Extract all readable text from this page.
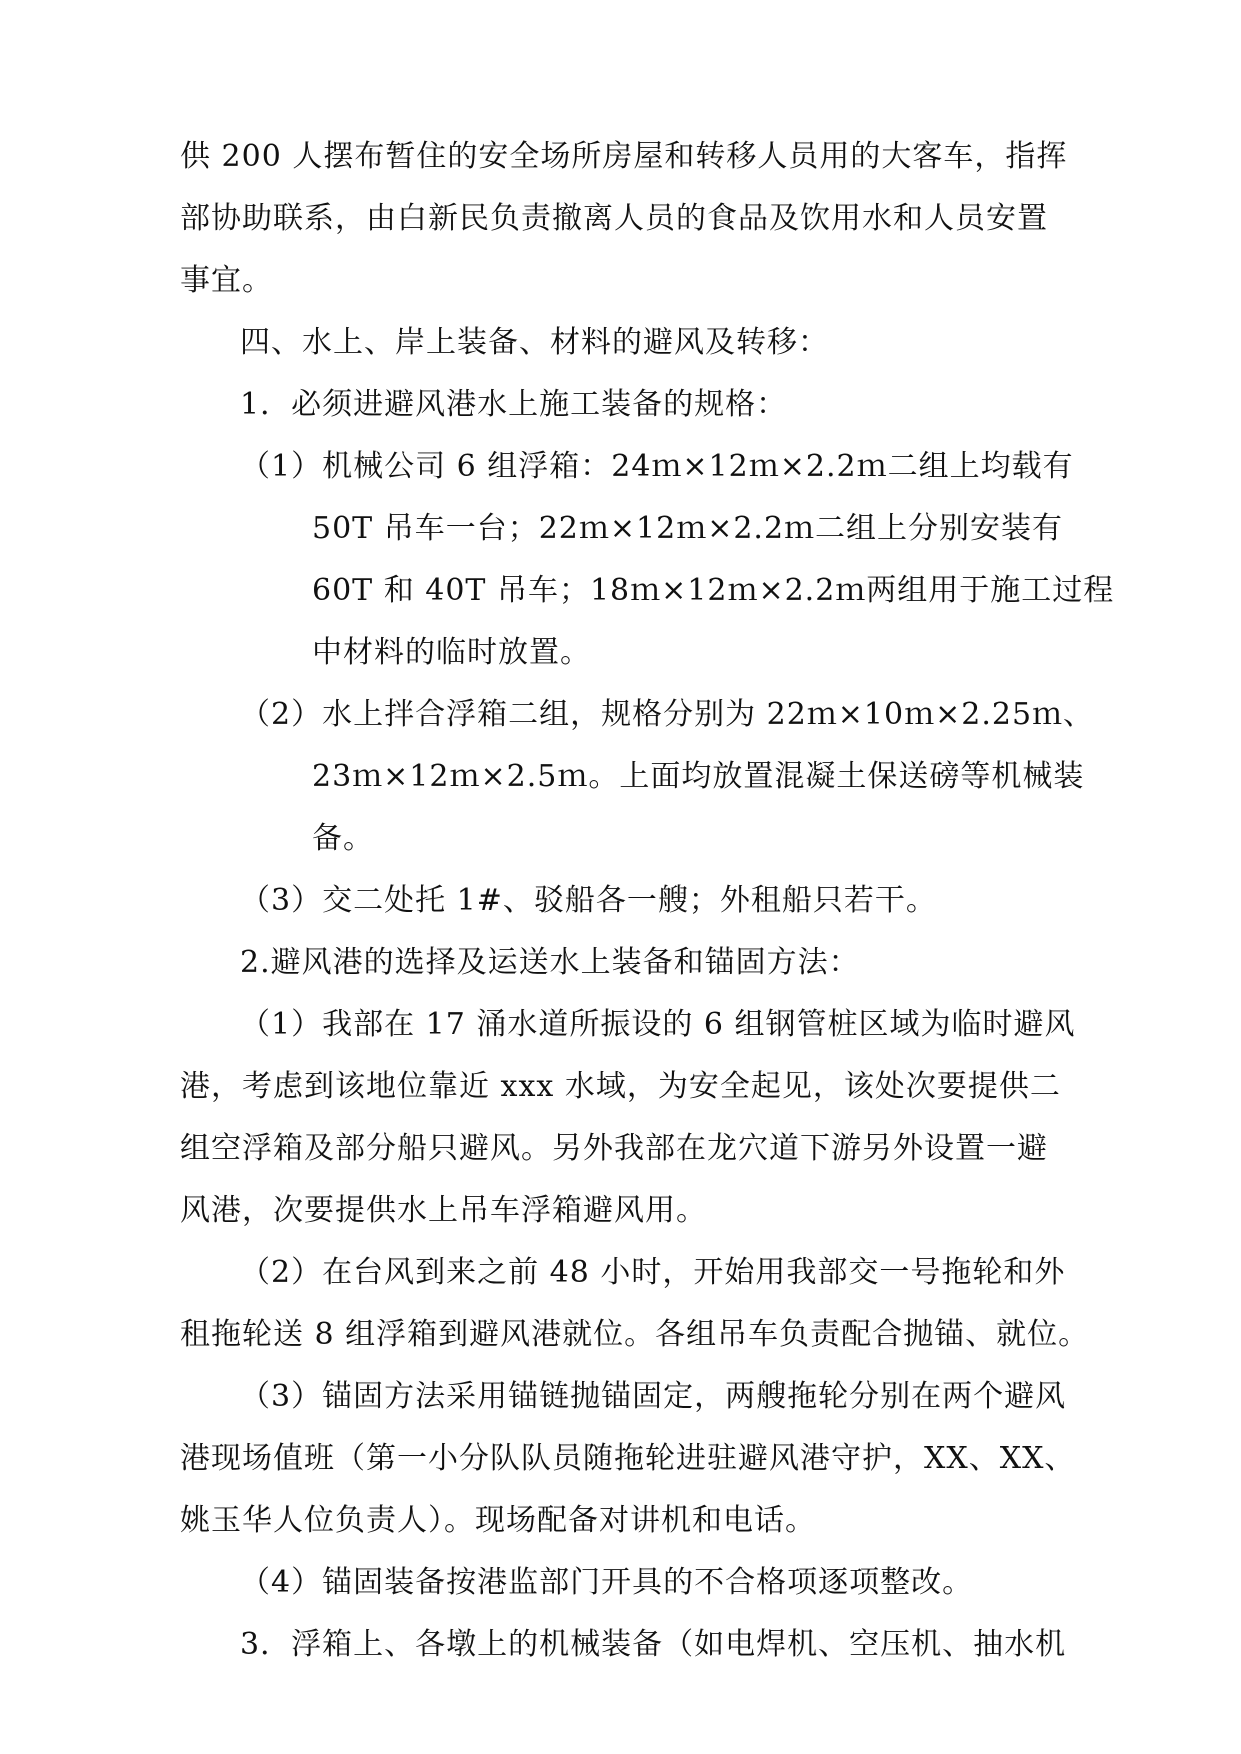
供 200 人摆布暂住的安全场所房屋和转移人员用的大客车，指挥
部协助联系，由白新民负责撤离人员的食品及饮用水和人员安置
事宜。
四、水上、岸上装备、材料的避风及转移：
1．必须进避风港水上施工装备的规格：
（1）机械公司 6 组浮箱：24ｍ×12ｍ×2.2ｍ二组上均载有
50T 吊车一台；22ｍ×12ｍ×2.2ｍ二组上分别安装有
60T 和 40T 吊车；18ｍ×12ｍ×2.2ｍ两组用于施工过程
中材料的临时放置。
（2）水上拌合浮箱二组，规格分别为 22ｍ×10ｍ×2.25ｍ、
23ｍ×12ｍ×2.5ｍ。上面均放置混凝土保送磅等机械装
备。
（3）交二处托 1#、驳船各一艘；外租船只若干。
2.避风港的选择及运送水上装备和锚固方法：
（1）我部在 17 涌水道所振设的 6 组钢管桩区域为临时避风
港，考虑到该地位靠近 xxx 水域，为安全起见，该处次要提供二
组空浮箱及部分船只避风。另外我部在龙穴道下游另外设置一避
风港，次要提供水上吊车浮箱避风用。
（2）在台风到来之前 48 小时，开始用我部交一号拖轮和外
租拖轮送 8 组浮箱到避风港就位。各组吊车负责配合抛锚、就位。
（3）锚固方法采用锚链抛锚固定，两艘拖轮分别在两个避风
港现场值班（第一小分队队员随拖轮进驻避风港守护，XX、XX、
姚玉华人位负责人）。现场配备对讲机和电话。
（4）锚固装备按港监部门开具的不合格项逐项整改。
3．浮箱上、各墩上的机械装备（如电焊机、空压机、抽水机
